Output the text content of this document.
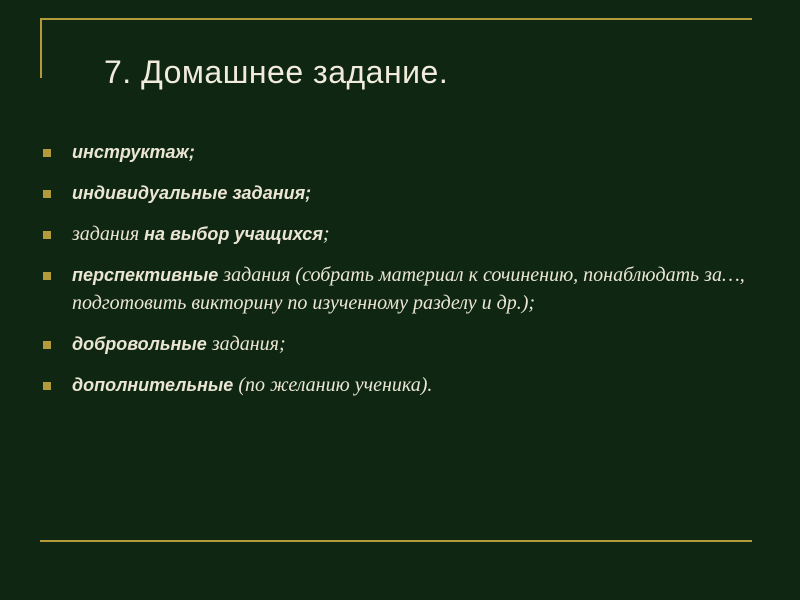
7. Домашнее задание.
инструктаж;
индивидуальные задания;
задания на выбор учащихся;
перспективные задания (собрать материал к сочинению, понаблюдать за…, подготовить викторину по изученному разделу и др.);
добровольные задания;
дополнительные (по желанию ученика).
